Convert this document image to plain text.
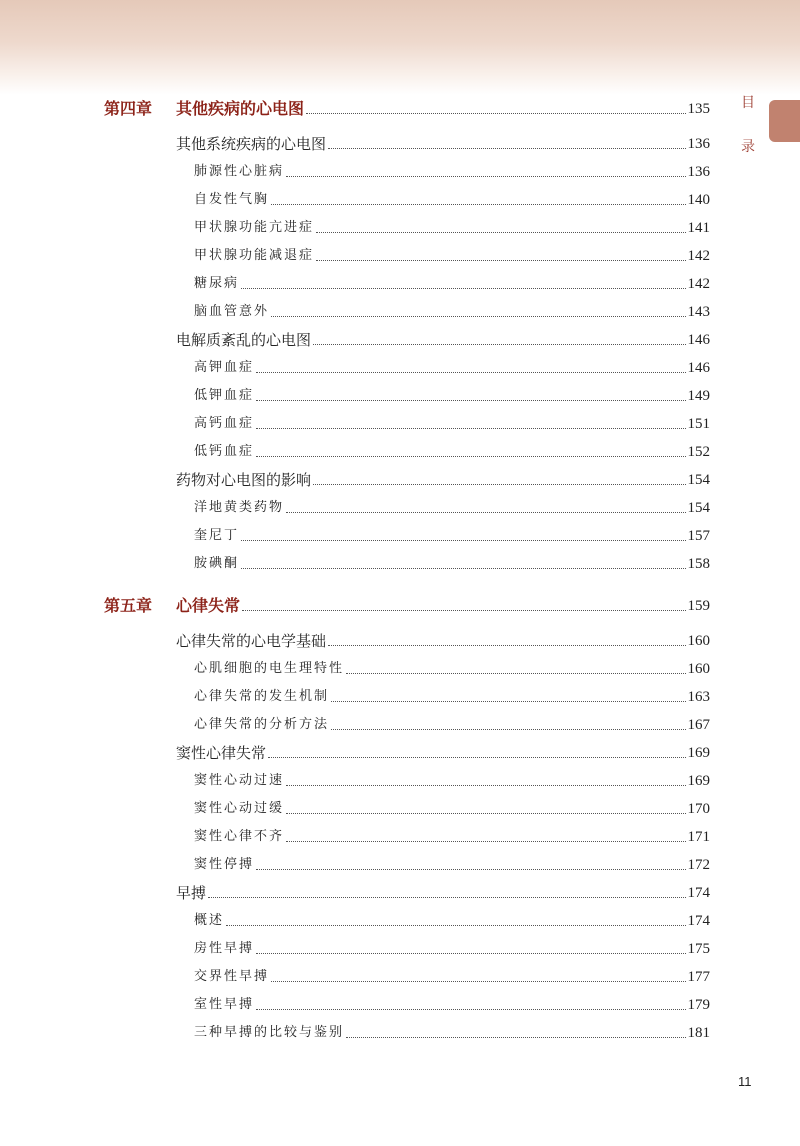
目
录
第四章 其他疾病的心电图	135
其他系统疾病的心电图	136
肺源性心脏病	136
自发性气胸	140
甲状腺功能亢进症	141
甲状腺功能减退症	142
糖尿病	142
脑血管意外	143
电解质紊乱的心电图	146
高钾血症	146
低钾血症	149
高钙血症	151
低钙血症	152
药物对心电图的影响	154
洋地黄类药物	154
奎尼丁	157
胺碘酮	158
第五章 心律失常	159
心律失常的心电学基础	160
心肌细胞的电生理特性	160
心律失常的发生机制	163
心律失常的分析方法	167
窦性心律失常	169
窦性心动过速	169
窦性心动过缓	170
窦性心律不齐	171
窦性停搏	172
早搏	174
概述	174
房性早搏	175
交界性早搏	177
室性早搏	179
三种早搏的比较与鉴别	181
11
